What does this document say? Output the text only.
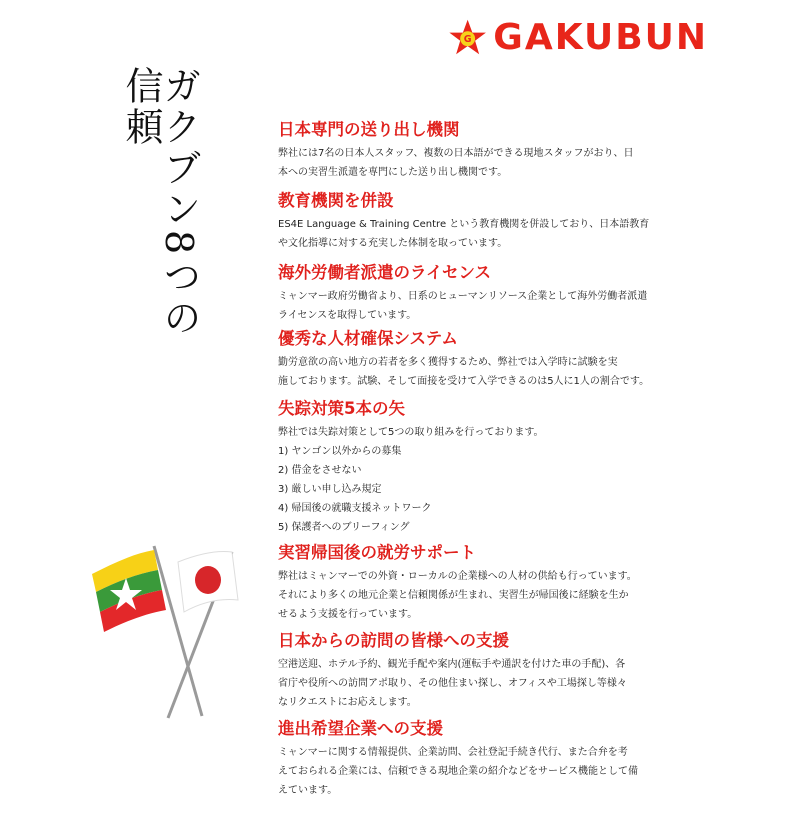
G GAKUBUN
ガクブン8つの信頼	日本専門の送り出し機関
弊社には7名の日本人スタッフ、複数の日本語ができる現地スタッフがおり、日
本への実習生派遣を専門にした送り出し機関です。
教育機関を併設
ES4E Language & Training Centre という教育機関を併設しており、日本語教育
や文化指導に対する充実した体制を取っています。
海外労働者派遣のライセンス
ミャンマー政府労働省より、日系のヒューマンリソース企業として海外労働者派遣
ライセンスを取得しています。
優秀な人材確保システム
勤労意欲の高い地方の若者を多く獲得するため、弊社では入学時に試験を実
施しております。試験、そして面接を受けて入学できるのは5人に1人の割合です。
失踪対策5本の矢
弊社では失踪対策として5つの取り組みを行っております。
1) ヤンゴン以外からの募集
2) 借金をさせない
3) 厳しい申し込み規定
4) 帰国後の就職支援ネットワーク
5) 保護者へのブリーフィング
実習帰国後の就労サポート
弊社はミャンマーでの外資・ローカルの企業様への人材の供給も行っています。
それにより多くの地元企業と信頼関係が生まれ、実習生が帰国後に経験を生か
せるよう支援を行っています。
日本からの訪問の皆様への支援
空港送迎、ホテル予約、観光手配や案内(運転手や通訳を付けた車の手配)、各
省庁や役所への訪問アポ取り、その他住まい探し、オフィスや工場探し等様々
なリクエストにお応えします。
進出希望企業への支援
ミャンマーに関する情報提供、企業訪問、会社登記手続き代行、また合弁を考
えておられる企業には、信頼できる現地企業の紹介などをサービス機能として備
えています。
